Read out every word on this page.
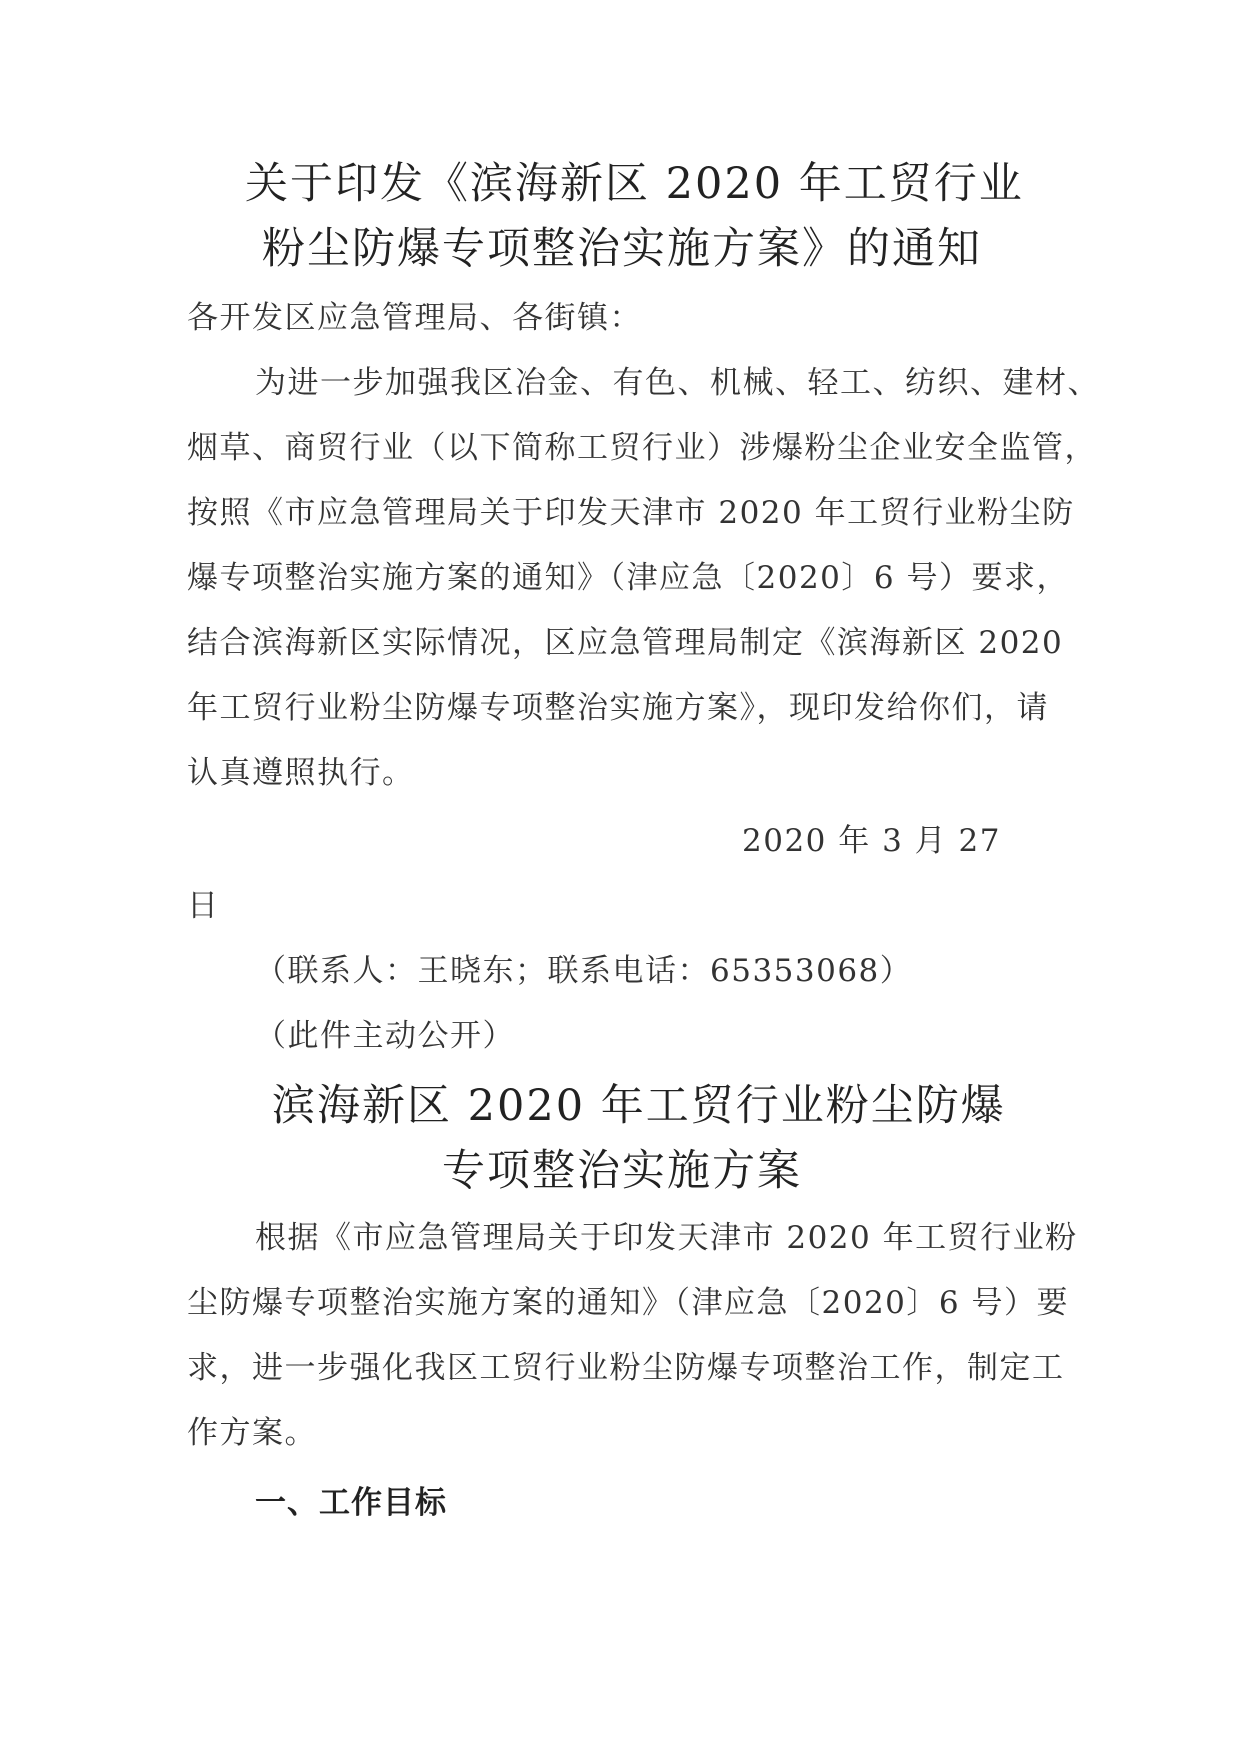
关于印发《滨海新区 2020 年工贸行业
粉尘防爆专项整治实施方案》的通知
各开发区应急管理局、各街镇：
为进一步加强我区冶金、有色、机械、轻工、纺织、建材、
烟草、商贸行业（以下简称工贸行业）涉爆粉尘企业安全监管，
按照《市应急管理局关于印发天津市 2020 年工贸行业粉尘防
爆专项整治实施方案的通知》（津应急〔2020〕6 号）要求，
结合滨海新区实际情况，区应急管理局制定《滨海新区 2020
年工贸行业粉尘防爆专项整治实施方案》，现印发给你们，请
认真遵照执行。
2020 年 3 月 27
日
（联系人：王晓东；联系电话：65353068）
（此件主动公开）
滨海新区 2020 年工贸行业粉尘防爆
专项整治实施方案
根据《市应急管理局关于印发天津市 2020 年工贸行业粉
尘防爆专项整治实施方案的通知》（津应急〔2020〕6 号）要
求，进一步强化我区工贸行业粉尘防爆专项整治工作，制定工
作方案。
一、工作目标
